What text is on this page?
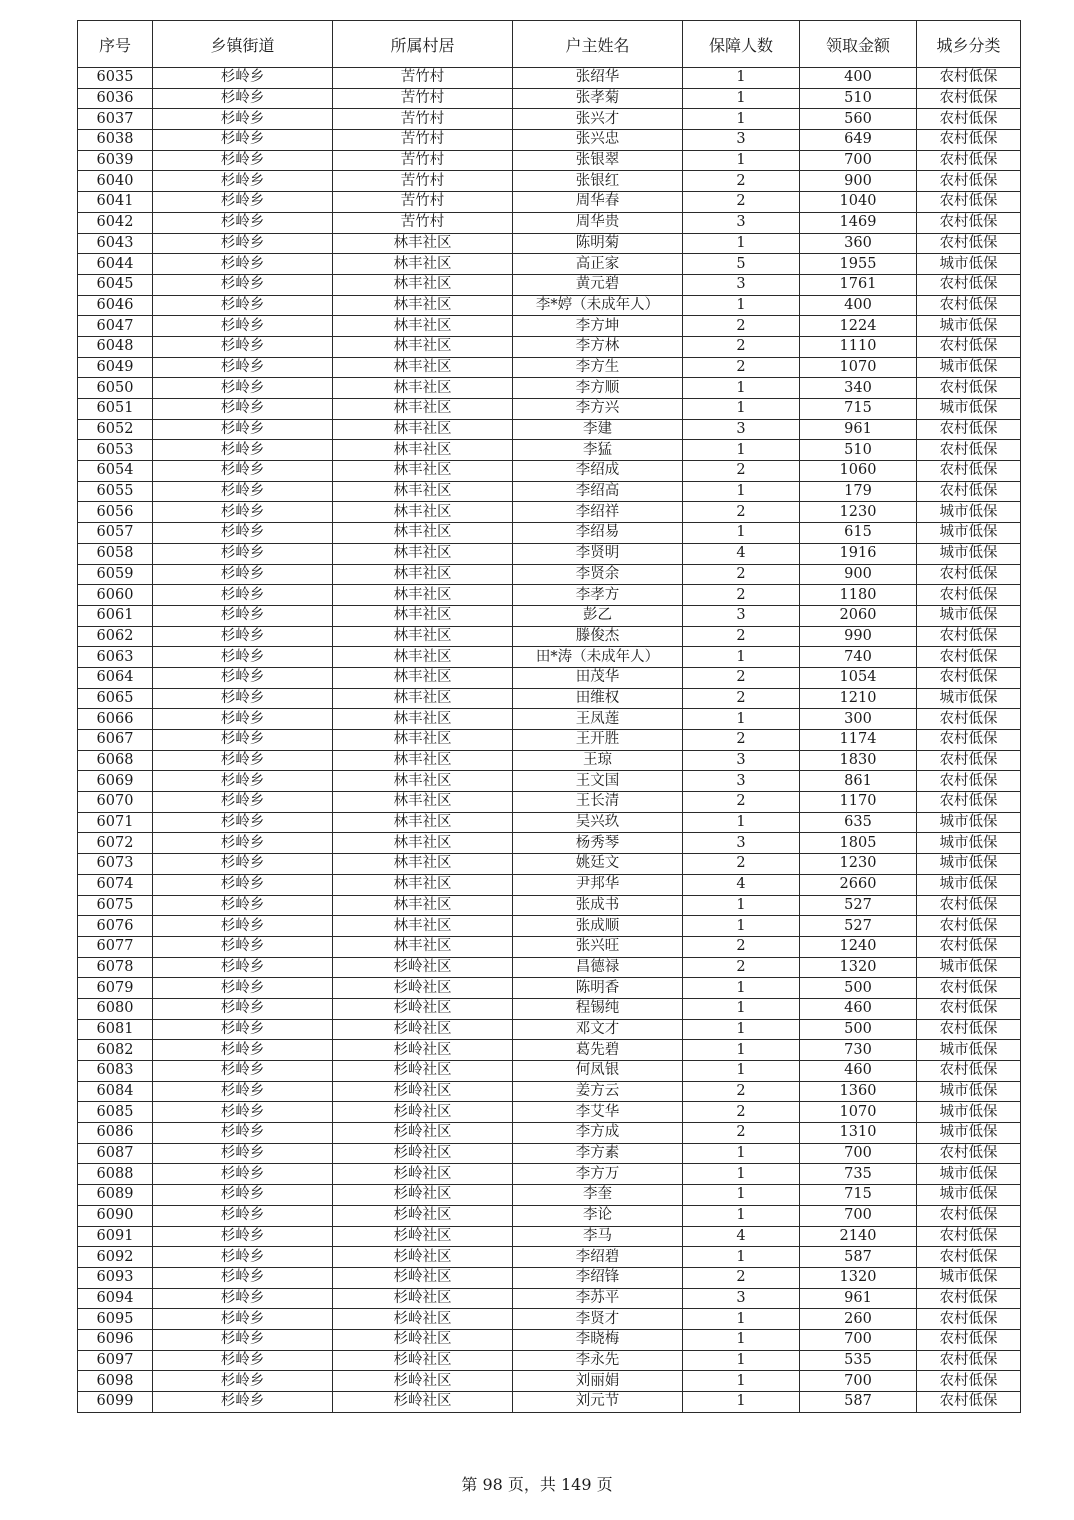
序号	乡镇街道	所属村居	户主姓名	保障人数	领取金额	城乡分类
6035	杉岭乡	苦竹村	张绍华	1	400	农村低保
6036	杉岭乡	苦竹村	张孝菊	1	510	农村低保
6037	杉岭乡	苦竹村	张兴才	1	560	农村低保
6038	杉岭乡	苦竹村	张兴忠	3	649	农村低保
6039	杉岭乡	苦竹村	张银翠	1	700	农村低保
6040	杉岭乡	苦竹村	张银红	2	900	农村低保
6041	杉岭乡	苦竹村	周华春	2	1040	农村低保
6042	杉岭乡	苦竹村	周华贵	3	1469	农村低保
6043	杉岭乡	林丰社区	陈明菊	1	360	农村低保
6044	杉岭乡	林丰社区	高正家	5	1955	城市低保
6045	杉岭乡	林丰社区	黄元碧	3	1761	农村低保
6046	杉岭乡	林丰社区	李*婷（未成年人）	1	400	农村低保
6047	杉岭乡	林丰社区	李方坤	2	1224	城市低保
6048	杉岭乡	林丰社区	李方林	2	1110	农村低保
6049	杉岭乡	林丰社区	李方生	2	1070	城市低保
6050	杉岭乡	林丰社区	李方顺	1	340	农村低保
6051	杉岭乡	林丰社区	李方兴	1	715	城市低保
6052	杉岭乡	林丰社区	李建	3	961	农村低保
6053	杉岭乡	林丰社区	李猛	1	510	农村低保
6054	杉岭乡	林丰社区	李绍成	2	1060	农村低保
6055	杉岭乡	林丰社区	李绍高	1	179	农村低保
6056	杉岭乡	林丰社区	李绍祥	2	1230	城市低保
6057	杉岭乡	林丰社区	李绍易	1	615	城市低保
6058	杉岭乡	林丰社区	李贤明	4	1916	城市低保
6059	杉岭乡	林丰社区	李贤余	2	900	农村低保
6060	杉岭乡	林丰社区	李孝方	2	1180	农村低保
6061	杉岭乡	林丰社区	彭乙	3	2060	城市低保
6062	杉岭乡	林丰社区	滕俊杰	2	990	农村低保
6063	杉岭乡	林丰社区	田*涛（未成年人）	1	740	农村低保
6064	杉岭乡	林丰社区	田茂华	2	1054	农村低保
6065	杉岭乡	林丰社区	田维权	2	1210	城市低保
6066	杉岭乡	林丰社区	王凤莲	1	300	农村低保
6067	杉岭乡	林丰社区	王开胜	2	1174	农村低保
6068	杉岭乡	林丰社区	王琼	3	1830	农村低保
6069	杉岭乡	林丰社区	王文国	3	861	农村低保
6070	杉岭乡	林丰社区	王长清	2	1170	农村低保
6071	杉岭乡	林丰社区	吴兴玖	1	635	城市低保
6072	杉岭乡	林丰社区	杨秀琴	3	1805	城市低保
6073	杉岭乡	林丰社区	姚廷文	2	1230	城市低保
6074	杉岭乡	林丰社区	尹邦华	4	2660	城市低保
6075	杉岭乡	林丰社区	张成书	1	527	农村低保
6076	杉岭乡	林丰社区	张成顺	1	527	农村低保
6077	杉岭乡	林丰社区	张兴旺	2	1240	农村低保
6078	杉岭乡	杉岭社区	昌德禄	2	1320	城市低保
6079	杉岭乡	杉岭社区	陈明香	1	500	农村低保
6080	杉岭乡	杉岭社区	程锡纯	1	460	农村低保
6081	杉岭乡	杉岭社区	邓文才	1	500	农村低保
6082	杉岭乡	杉岭社区	葛先碧	1	730	城市低保
6083	杉岭乡	杉岭社区	何凤银	1	460	农村低保
6084	杉岭乡	杉岭社区	姜方云	2	1360	城市低保
6085	杉岭乡	杉岭社区	李艾华	2	1070	城市低保
6086	杉岭乡	杉岭社区	李方成	2	1310	城市低保
6087	杉岭乡	杉岭社区	李方素	1	700	农村低保
6088	杉岭乡	杉岭社区	李方万	1	735	城市低保
6089	杉岭乡	杉岭社区	李奎	1	715	城市低保
6090	杉岭乡	杉岭社区	李论	1	700	农村低保
6091	杉岭乡	杉岭社区	李马	4	2140	农村低保
6092	杉岭乡	杉岭社区	李绍碧	1	587	农村低保
6093	杉岭乡	杉岭社区	李绍锋	2	1320	城市低保
6094	杉岭乡	杉岭社区	李苏平	3	961	农村低保
6095	杉岭乡	杉岭社区	李贤才	1	260	农村低保
6096	杉岭乡	杉岭社区	李晓梅	1	700	农村低保
6097	杉岭乡	杉岭社区	李永先	1	535	农村低保
6098	杉岭乡	杉岭社区	刘丽娟	1	700	农村低保
6099	杉岭乡	杉岭社区	刘元节	1	587	农村低保
第 98 页，共 149 页
